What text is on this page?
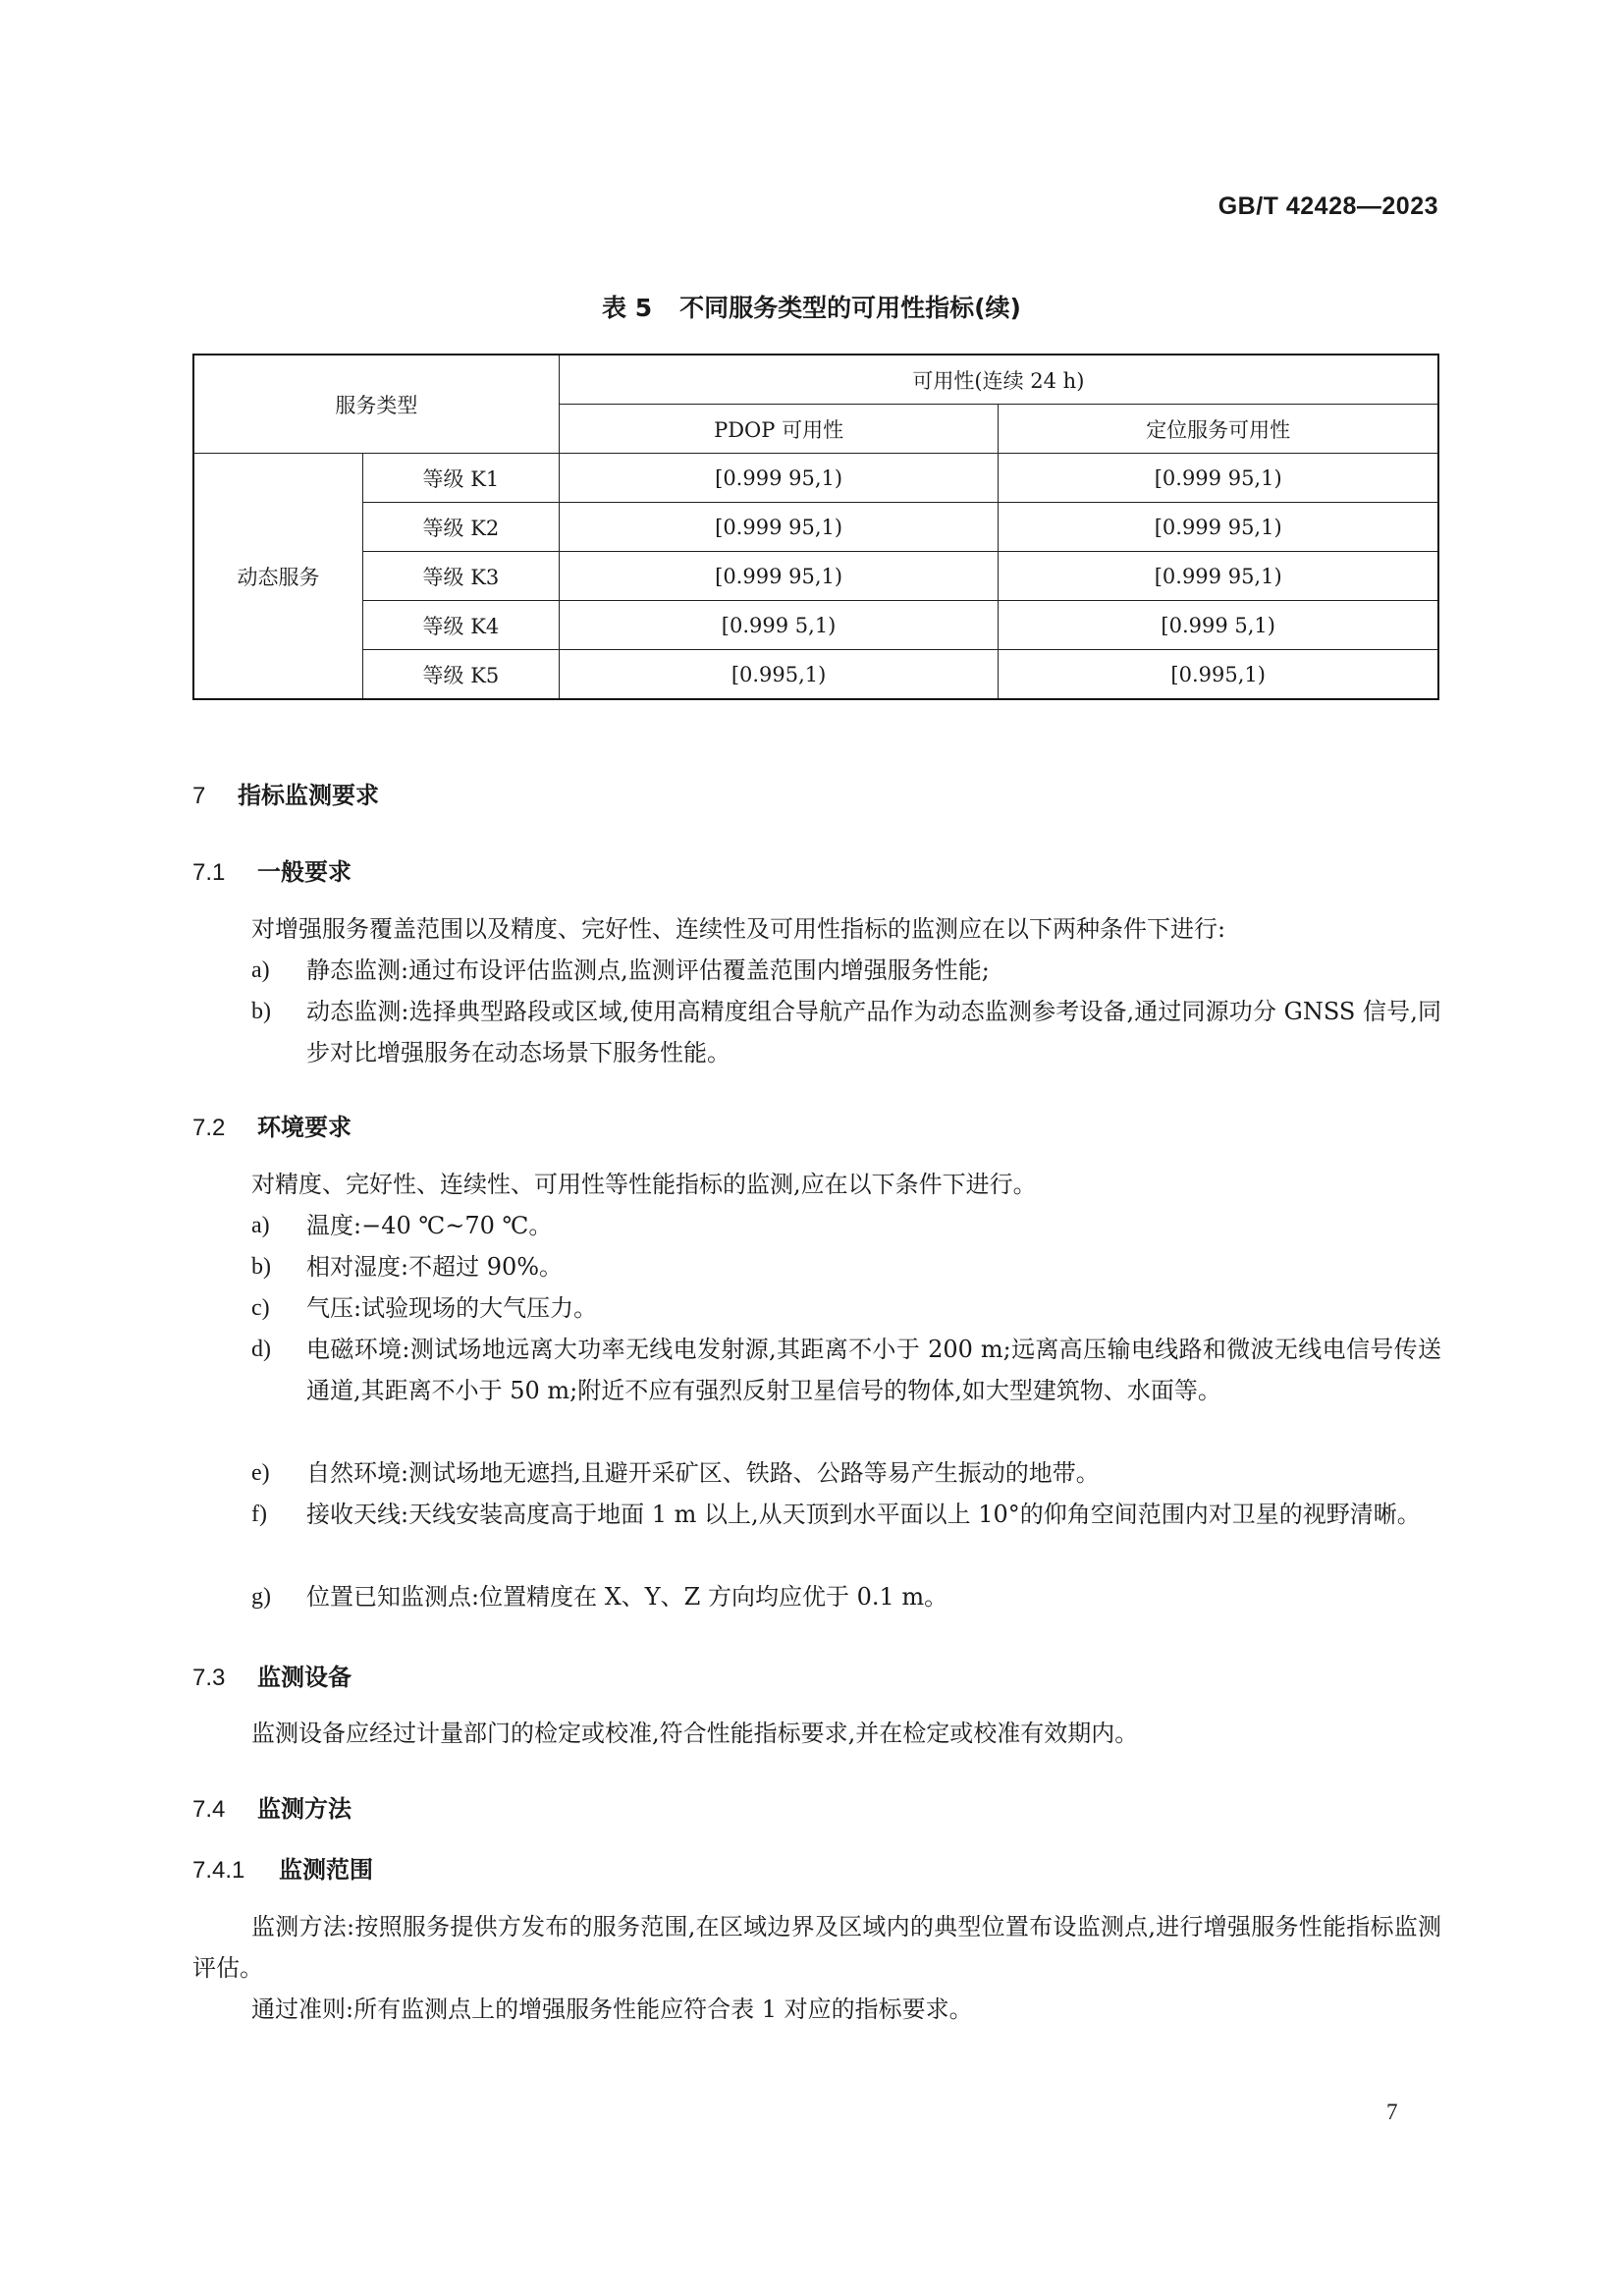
GB/T 42428—2023
表 5 不同服务类型的可用性指标(续)
服务类型		可用性(连续 24 h)	
		PDOP 可用性	定位服务可用性
动态服务	等级 K1	[0.999 95,1)	[0.999 95,1)
	等级 K2	[0.999 95,1)	[0.999 95,1)
	等级 K3	[0.999 95,1)	[0.999 95,1)
	等级 K4	[0.999 5,1)	[0.999 5,1)
	等级 K5	[0.995,1)	[0.995,1)
7 指标监测要求
7.1 一般要求
对增强服务覆盖范围以及精度、完好性、连续性及可用性指标的监测应在以下两种条件下进行:
a) 静态监测:通过布设评估监测点,监测评估覆盖范围内增强服务性能;
b) 动态监测:选择典型路段或区域,使用高精度组合导航产品作为动态监测参考设备,通过同源功分 GNSS 信号,同步对比增强服务在动态场景下服务性能。
7.2 环境要求
对精度、完好性、连续性、可用性等性能指标的监测,应在以下条件下进行。
a) 温度:−40 ℃~70 ℃。
b) 相对湿度:不超过 90%。
c) 气压:试验现场的大气压力。
d) 电磁环境:测试场地远离大功率无线电发射源,其距离不小于 200 m;远离高压输电线路和微波无线电信号传送通道,其距离不小于 50 m;附近不应有强烈反射卫星信号的物体,如大型建筑物、水面等。
e) 自然环境:测试场地无遮挡,且避开采矿区、铁路、公路等易产生振动的地带。
f) 接收天线:天线安装高度高于地面 1 m 以上,从天顶到水平面以上 10°的仰角空间范围内对卫星的视野清晰。
g) 位置已知监测点:位置精度在 X、Y、Z 方向均应优于 0.1 m。
7.3 监测设备
监测设备应经过计量部门的检定或校准,符合性能指标要求,并在检定或校准有效期内。
7.4 监测方法
7.4.1 监测范围
监测方法:按照服务提供方发布的服务范围,在区域边界及区域内的典型位置布设监测点,进行增强服务性能指标监测评估。
通过准则:所有监测点上的增强服务性能应符合表 1 对应的指标要求。
7
